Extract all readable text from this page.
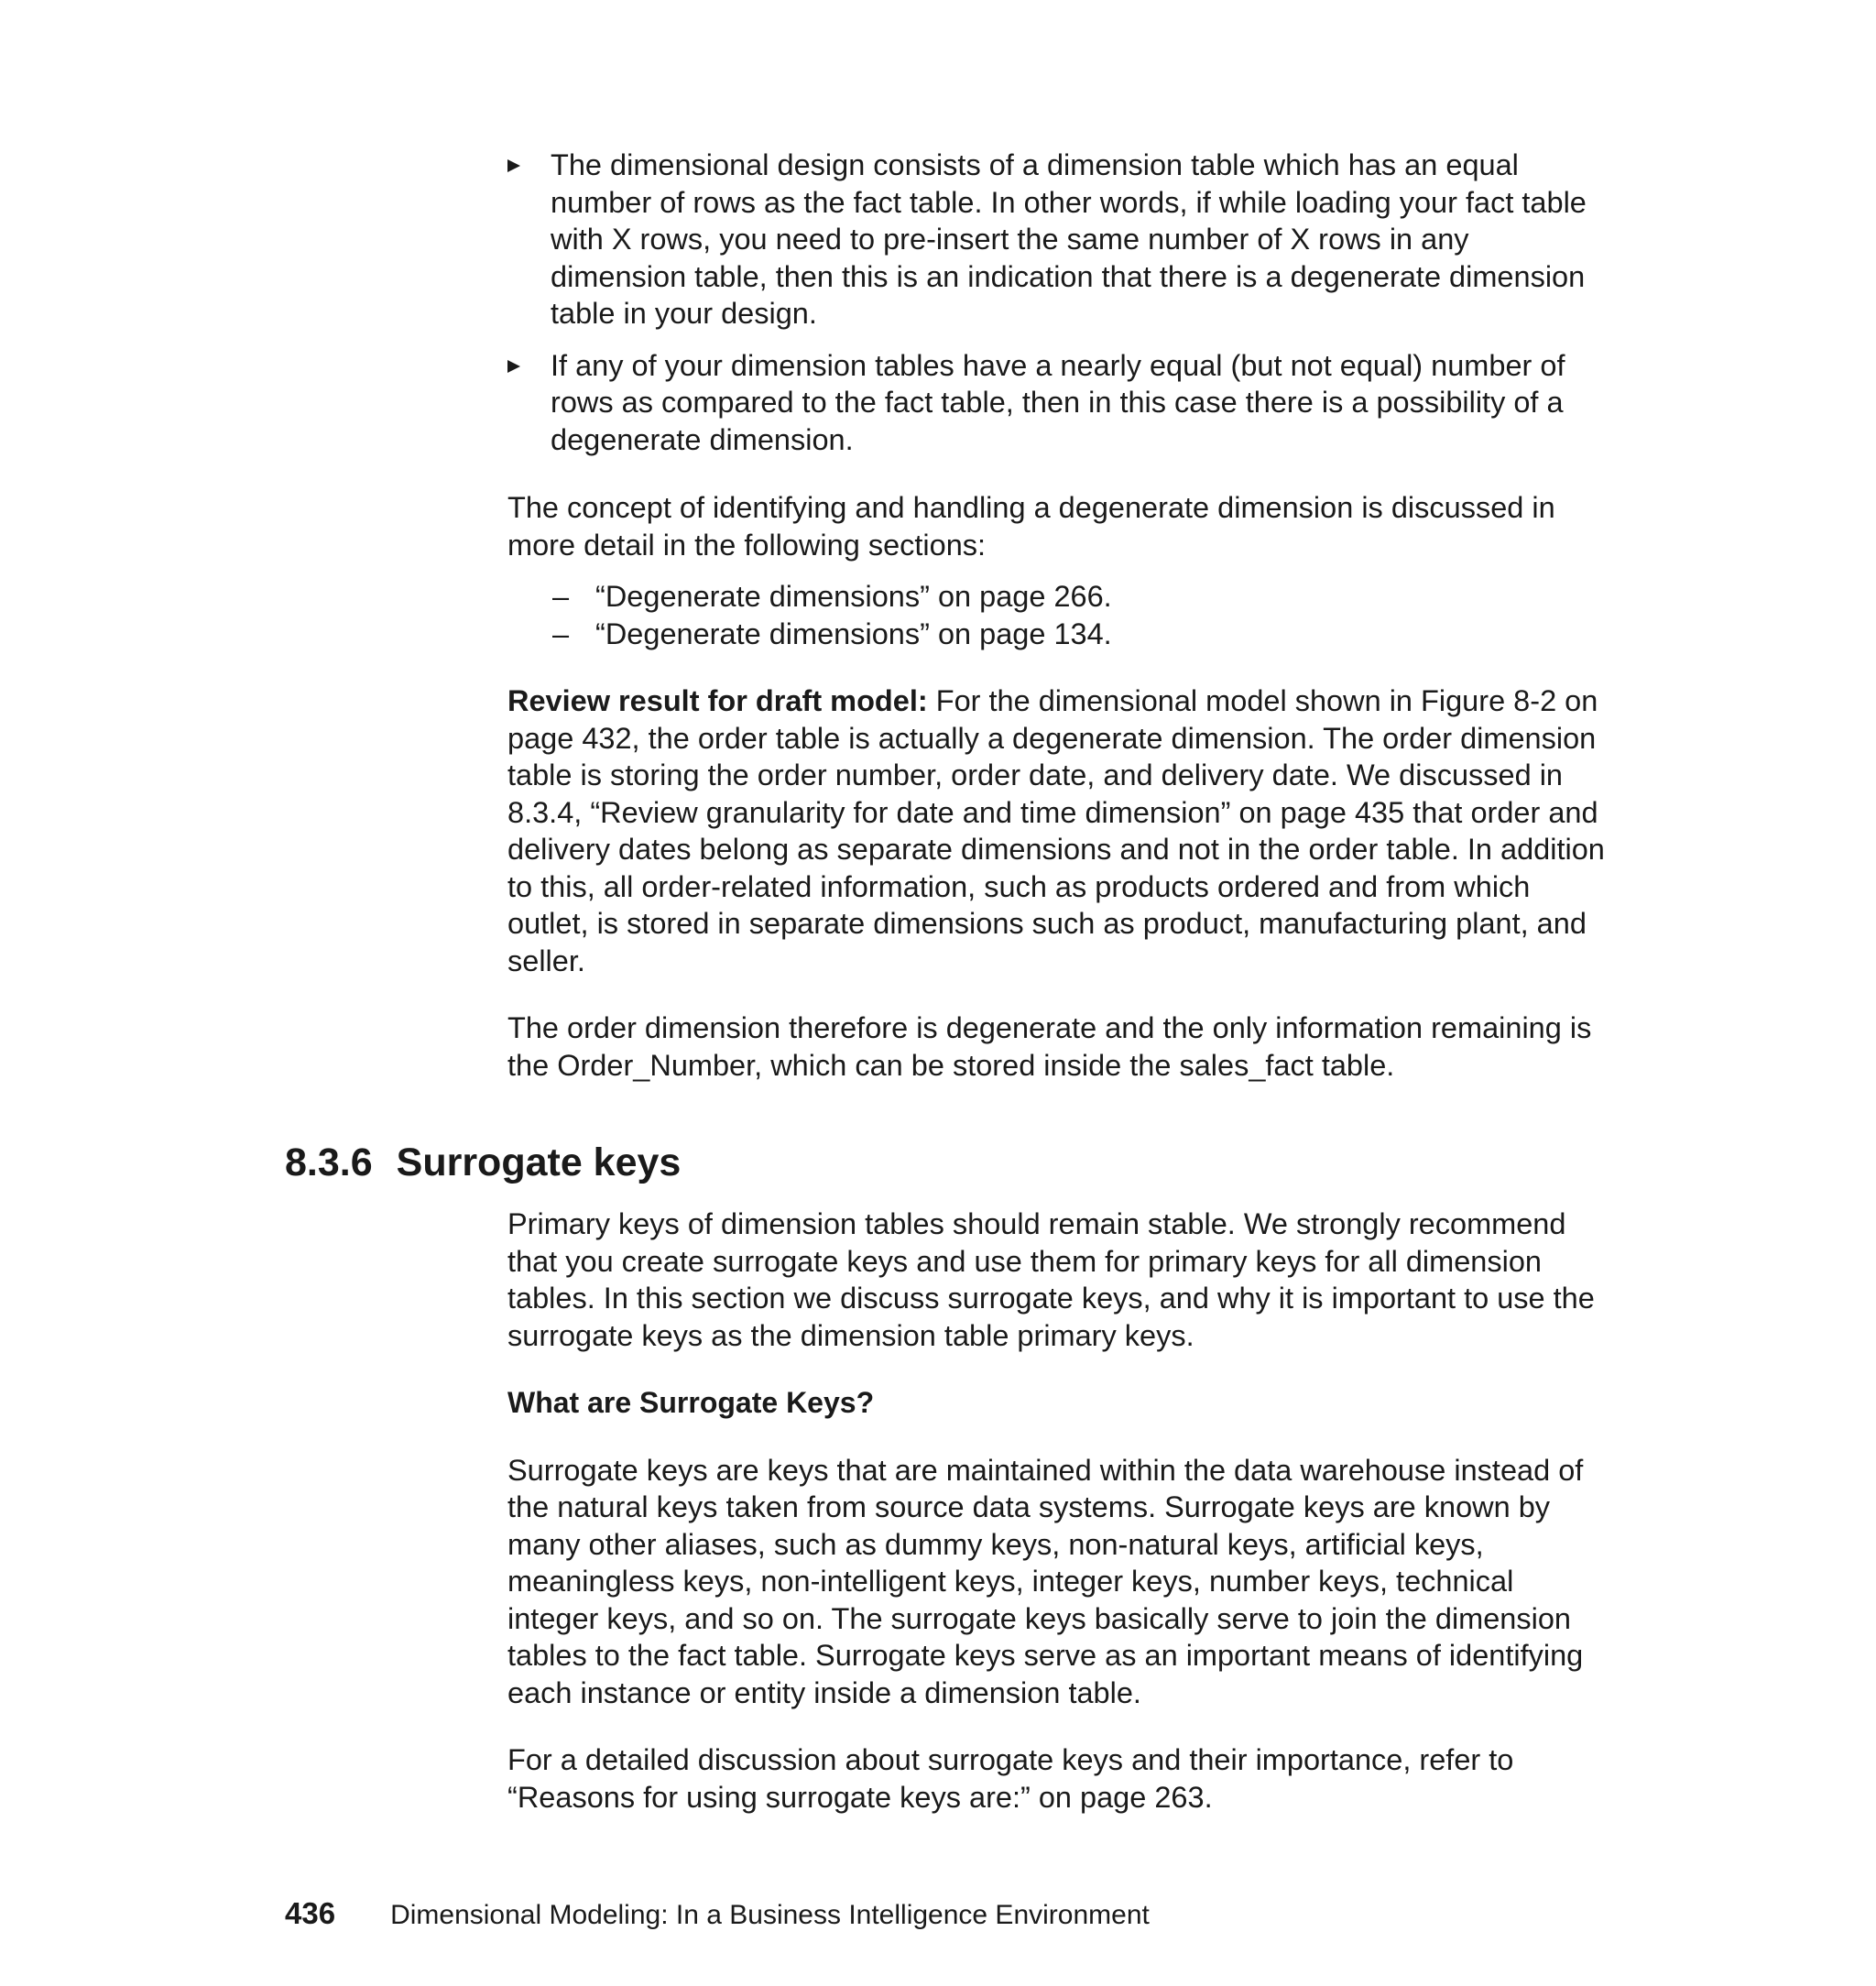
The dimensional design consists of a dimension table which has an equal number of rows as the fact table. In other words, if while loading your fact table with X rows, you need to pre-insert the same number of X rows in any dimension table, then this is an indication that there is a degenerate dimension table in your design.
If any of your dimension tables have a nearly equal (but not equal) number of rows as compared to the fact table, then in this case there is a possibility of a degenerate dimension.

The concept of identifying and handling a degenerate dimension is discussed in more detail in the following sections:

– “Degenerate dimensions” on page 266.
– “Degenerate dimensions” on page 134.

Review result for draft model: For the dimensional model shown in Figure 8-2 on page 432, the order table is actually a degenerate dimension. The order dimension table is storing the order number, order date, and delivery date. We discussed in 8.3.4, “Review granularity for date and time dimension” on page 435 that order and delivery dates belong as separate dimensions and not in the order table. In addition to this, all order-related information, such as products ordered and from which outlet, is stored in separate dimensions such as product, manufacturing plant, and seller.

The order dimension therefore is degenerate and the only information remaining is the Order_Number, which can be stored inside the sales_fact table.

8.3.6 Surrogate keys

Primary keys of dimension tables should remain stable. We strongly recommend that you create surrogate keys and use them for primary keys for all dimension tables. In this section we discuss surrogate keys, and why it is important to use the surrogate keys as the dimension table primary keys.

What are Surrogate Keys?

Surrogate keys are keys that are maintained within the data warehouse instead of the natural keys taken from source data systems. Surrogate keys are known by many other aliases, such as dummy keys, non-natural keys, artificial keys, meaningless keys, non-intelligent keys, integer keys, number keys, technical integer keys, and so on. The surrogate keys basically serve to join the dimension tables to the fact table. Surrogate keys serve as an important means of identifying each instance or entity inside a dimension table.

For a detailed discussion about surrogate keys and their importance, refer to “Reasons for using surrogate keys are:” on page 263.

436 Dimensional Modeling: In a Business Intelligence Environment
